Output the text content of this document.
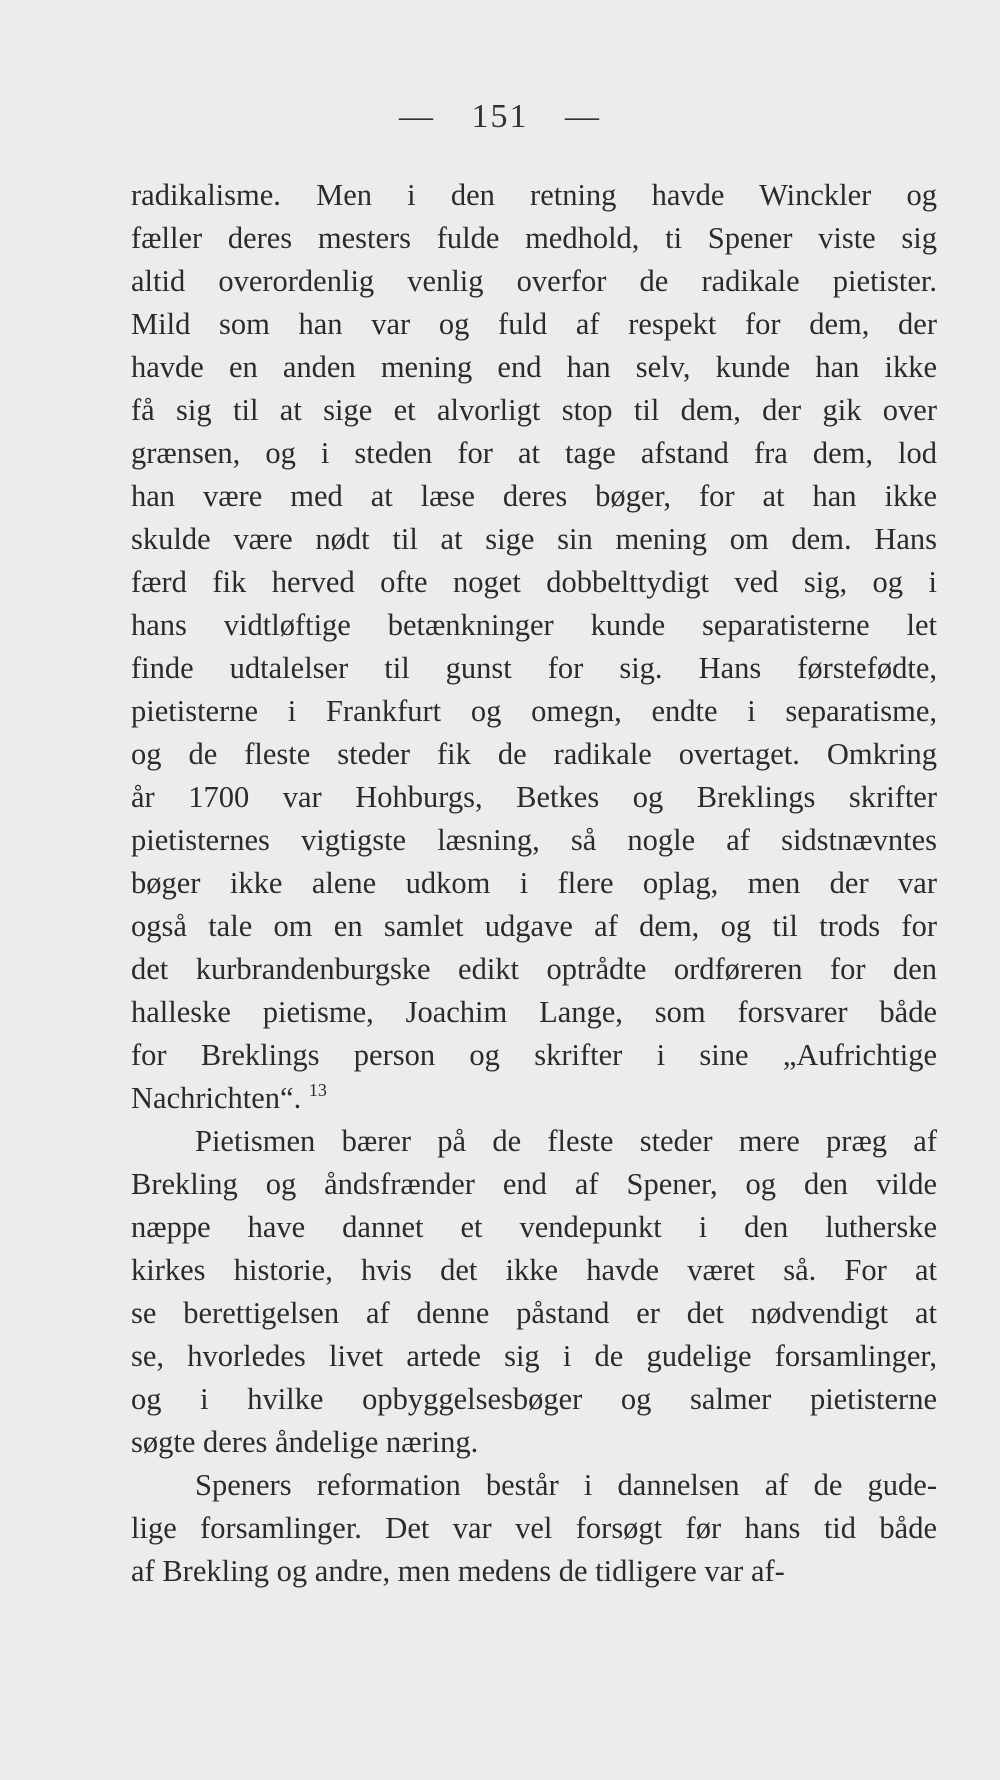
— 151 —
radikalisme. Men i den retning havde Winckler og
fæller deres mesters fulde medhold, ti Spener viste sig
altid overordenlig venlig overfor de radikale pietister.
Mild som han var og fuld af respekt for dem, der
havde en anden mening end han selv, kunde han ikke
få sig til at sige et alvorligt stop til dem, der gik over
grænsen, og i steden for at tage afstand fra dem, lod
han være med at læse deres bøger, for at han ikke
skulde være nødt til at sige sin mening om dem. Hans
færd fik herved ofte noget dobbelttydigt ved sig, og i
hans vidtløftige betænkninger kunde separatisterne let
finde udtalelser til gunst for sig. Hans førstefødte,
pietisterne i Frankfurt og omegn, endte i separatisme,
og de fleste steder fik de radikale overtaget. Omkring
år 1700 var Hohburgs, Betkes og Breklings skrifter
pietisternes vigtigste læsning, så nogle af sidstnævntes
bøger ikke alene udkom i flere oplag, men der var
også tale om en samlet udgave af dem, og til trods for
det kurbrandenburgske edikt optrådte ordføreren for den
halleske pietisme, Joachim Lange, som forsvarer både
for Breklings person og skrifter i sine „Aufrichtige
Nachrichten“. $^{13}$
Pietismen bærer på de fleste steder mere præg af
Brekling og åndsfrænder end af Spener, og den vilde
næppe have dannet et vendepunkt i den lutherske
kirkes historie, hvis det ikke havde været så. For at
se berettigelsen af denne påstand er det nødvendigt at
se, hvorledes livet artede sig i de gudelige forsamlinger,
og i hvilke opbyggelsesbøger og salmer pietisterne
søgte deres åndelige næring.
Speners reformation består i dannelsen af de gude-
lige forsamlinger. Det var vel forsøgt før hans tid både
af Brekling og andre, men medens de tidligere var af-
